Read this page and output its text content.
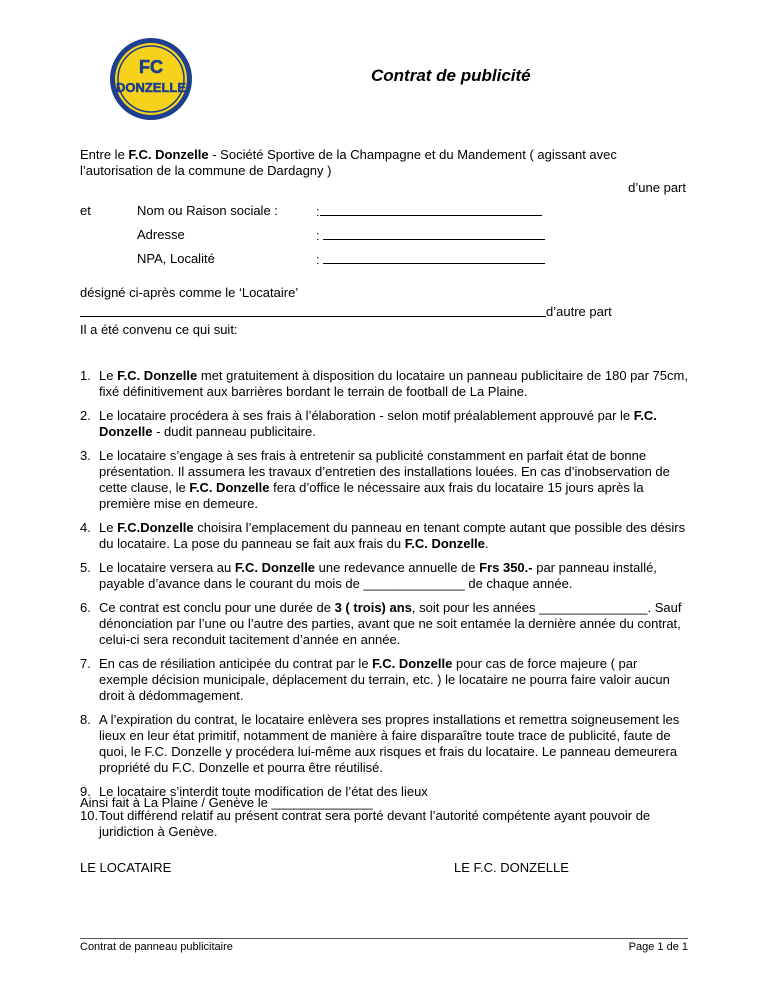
FC
DONZELLE
Contrat de publicité
Entre le F.C. Donzelle - Société Sportive de la Champagne et du Mandement ( agissant avec l’autorisation de la commune de Dardagny )
d’une part
et	Nom ou Raison sociale :	:
Adresse	:
NPA, Localité	:
désigné ci-après comme le ‘Locataire’
d’autre part
Il a été convenu ce qui suit:
1. Le F.C. Donzelle met gratuitement à disposition du locataire un panneau publicitaire de 180 par 75cm, fixé définitivement aux barrières bordant le terrain de football de La Plaine.
2. Le locataire procédera à ses frais à l’élaboration - selon motif préalablement approuvé par le F.C. Donzelle - dudit panneau publicitaire.
3. Le locataire s’engage à ses frais à entretenir sa publicité constamment en parfait état de bonne présentation. Il assumera les travaux d’entretien des installations louées. En cas d’inobservation de cette clause, le F.C. Donzelle fera d’office le nécessaire aux frais du locataire 15 jours après la première mise en demeure.
4. Le F.C.Donzelle choisira l’emplacement du panneau en tenant compte autant que possible des désirs du locataire. La pose du panneau se fait aux frais du F.C. Donzelle.
5. Le locataire versera au F.C. Donzelle une redevance annuelle de Frs 350.- par panneau installé, payable d’avance dans le courant du mois de ______________ de chaque année.
6. Ce contrat est conclu pour une durée de 3 ( trois) ans, soit pour les années _______________. Sauf dénonciation par l’une ou l’autre des parties, avant que ne soit entamée la dernière année du contrat, celui-ci sera reconduit tacitement d’année en année.
7. En cas de résiliation anticipée du contrat par le F.C. Donzelle pour cas de force majeure ( par exemple décision municipale, déplacement du terrain, etc. ) le locataire ne pourra faire valoir aucun droit à dédommagement.
8. A l’expiration du contrat, le locataire enlèvera ses propres installations et remettra soigneusement les lieux en leur état primitif, notamment de manière à faire disparaître toute trace de publicité, faute de quoi, le F.C. Donzelle y procédera lui-même aux risques et frais du locataire. Le panneau demeurera propriété du F.C. Donzelle et pourra être réutilisé.
9. Le locataire s’interdit toute modification de l’état des lieux
10. Tout différend relatif au présent contrat sera porté devant l’autorité compétente ayant pouvoir de juridiction à Genève.
Ainsi fait à La Plaine / Genève le ______________
LE LOCATAIRE	LE F.C. DONZELLE
Contrat de panneau publicitaire	Page 1 de 1
